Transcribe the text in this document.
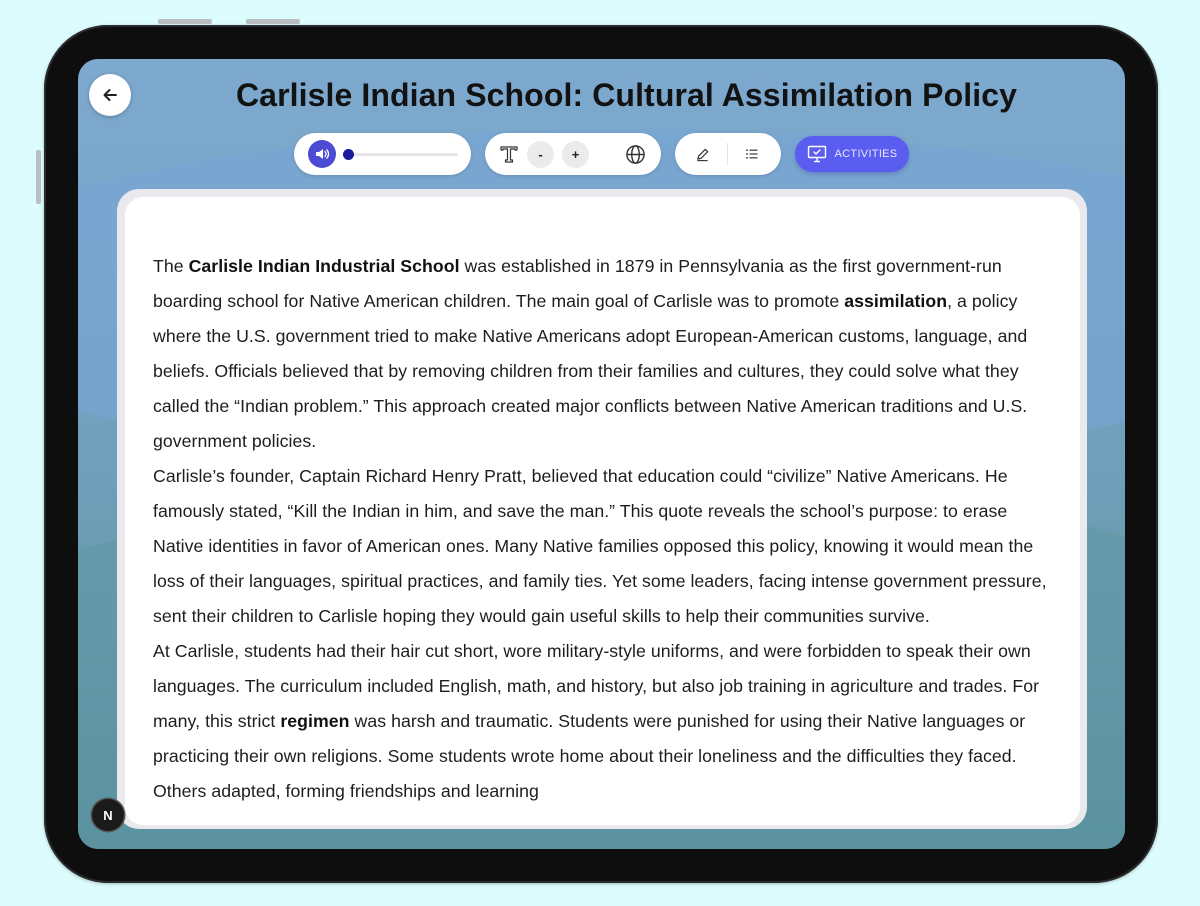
Carlisle Indian School: Cultural Assimilation Policy
-	+	ACTIVITIES

The Carlisle Indian Industrial School was established in 1879 in Pennsylvania as the first government-run boarding school for Native American children. The main goal of Carlisle was to promote assimilation, a policy where the U.S. government tried to make Native Americans adopt European-American customs, language, and beliefs. Officials believed that by removing children from their families and cultures, they could solve what they called the “Indian problem.” This approach created major conflicts between Native American traditions and U.S. government policies.

Carlisle’s founder, Captain Richard Henry Pratt, believed that education could “civilize” Native Americans. He famously stated, “Kill the Indian in him, and save the man.” This quote reveals the school’s purpose: to erase Native identities in favor of American ones. Many Native families opposed this policy, knowing it would mean the loss of their languages, spiritual practices, and family ties. Yet some leaders, facing intense government pressure, sent their children to Carlisle hoping they would gain useful skills to help their communities survive.

At Carlisle, students had their hair cut short, wore military-style uniforms, and were forbidden to speak their own languages. The curriculum included English, math, and history, but also job training in agriculture and trades. For many, this strict regimen was harsh and traumatic. Students were punished for using their Native languages or practicing their own religions. Some students wrote home about their loneliness and the difficulties they faced. Others adapted, forming friendships and learning

N
